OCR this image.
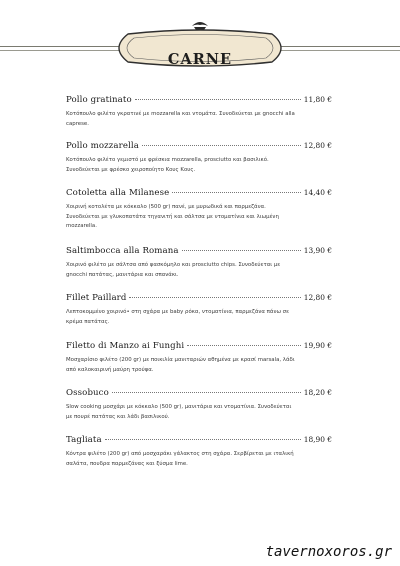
CARNE
Pollo gratinato	11,80 €
Κοτόπουλο φιλέτο γκρατινέ με mozzarella και ντομάτα. Συνοδεύεται με gnocchi alla caprese.
Pollo mozzarella	12,80 €
Κοτόπουλο φιλέτο γεμιστό με φρέσκια mozzarella, prosciutto και βασιλικό. Συνοδεύεται με φρέσκο χειροποίητο Κους Κους.
Cotoletta alla Milanese	14,40 €
Χοιρινή κοτολέτα με κόκκαλο (500 gr) πανέ, με μυρωδικά και παρμεζάνα. Συνοδεύεται με γλυκοπατάτα τηγανιτή και σάλτσα με ντοματίνια και λιωμένη mozzarella.
Saltimbocca alla Romana	13,90 €
Χοιρινό φιλέτο με σάλτσα από φασκόμηλο και prosciutto chips. Συνοδεύεται με gnocchi πατάτας, μανιτάρια και σπανάκι.
Fillet Paillard	12,80 €
Λεπτοκομμένο χοιρινό• στη σχάρα με baby ρόκα, ντοματίνια, παρμεζάνα πάνω σε κρέμα πατάτας.
Filetto di Manzo ai Funghi	19,90 €
Μοσχαρίσιο φιλέτο (200 gr) με ποικιλία μανιταριών αθημένα με κρασί marsala, λάδι από καλοκαιρινή μαύρη τρούφα.
Ossobuco	18,20 €
Slow cooking μοσχάρι με κόκκαλο (500 gr), μανιτάρια και ντοματίνια. Συνοδεύεται με πουρέ πατάτας και λάδι βασιλικού.
Tagliata	18,90 €
Κόντρα φιλέτο (200 gr) από μοσχαράκι γάλακτος στη σχάρα. Σερβίρεται με ιταλική σαλάτα, πουδρα παρμεζάνας και ξύσμα lime.
tavernoxoros.gr
